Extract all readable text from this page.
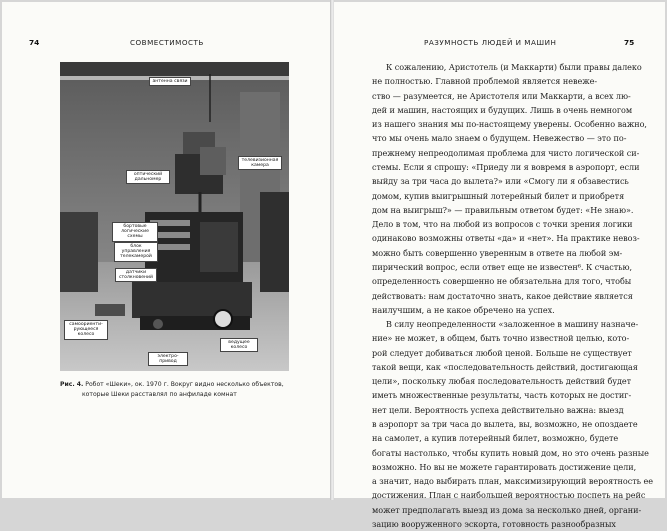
74	СОВМЕСТИМОСТЬ
антенна связи
телевизионная камера
оптический дальномер
бортовые логические схемы
блок управления телекамерой
датчики столкновений
самоориенти-рующееся колесо
электро-привод
ведущее колесо
Рис. 4. Робот «Шеки», ок. 1970 г. Вокруг видно несколько объектов,
которые Шеки расставлял по анфиладе комнат
РАЗУМНОСТЬ ЛЮДЕЙ И МАШИН	75
К сожалению, Аристотель (и Маккарти) были правы далеко
не полностью. Главной проблемой является невеже-
ство — разумеется, не Аристотеля или Маккарти, а всех лю-
дей и машин, настоящих и будущих. Лишь в очень немногом
из нашего знания мы по-настоящему уверены. Особенно важно,
что мы очень мало знаем о будущем. Невежество — это по-
прежнему непреодолимая проблема для чисто логической си-
стемы. Если я спрошу: «Приеду ли я вовремя в аэропорт, если
выйду за три часа до вылета?» или «Смогу ли я обзавестись
домом, купив выигрышный лотерейный билет и приобретя
дом на выигрыш?» — правильным ответом будет: «Не знаю».
Дело в том, что на любой из вопросов с точки зрения логики
одинаково возможны ответы «да» и «нет». На практике невоз-
можно быть совершенно уверенным в ответе на любой эм-
пирический вопрос, если ответ еще не известен⁶. К счастью,
определенность совершенно не обязательна для того, чтобы
действовать: нам достаточно знать, какое действие является
наилучшим, а не какое обречено на успех.
В силу неопределенности «заложенное в машину назначе-
ние» не может, в общем, быть точно известной целью, кото-
рой следует добиваться любой ценой. Больше не существует
такой вещи, как «последовательность действий, достигающая
цели», поскольку любая последовательность действий будет
иметь множественные результаты, часть которых не достиг-
нет цели. Вероятность успеха действительно важна: выезд
в аэропорт за три часа до вылета, вы, возможно, не опоздаете
на самолет, а купив лотерейный билет, возможно, будете
богаты настолько, чтобы купить новый дом, но это очень разные
возможно. Но вы не можете гарантировать достижение цели,
а значит, надо выбирать план, максимизирующий вероятность ее
достижения. План с наибольшей вероятностью поспеть на рейс
может предполагать выезд из дома за несколько дней, органи-
зацию вооруженного эскорта, готовность разнообразных
